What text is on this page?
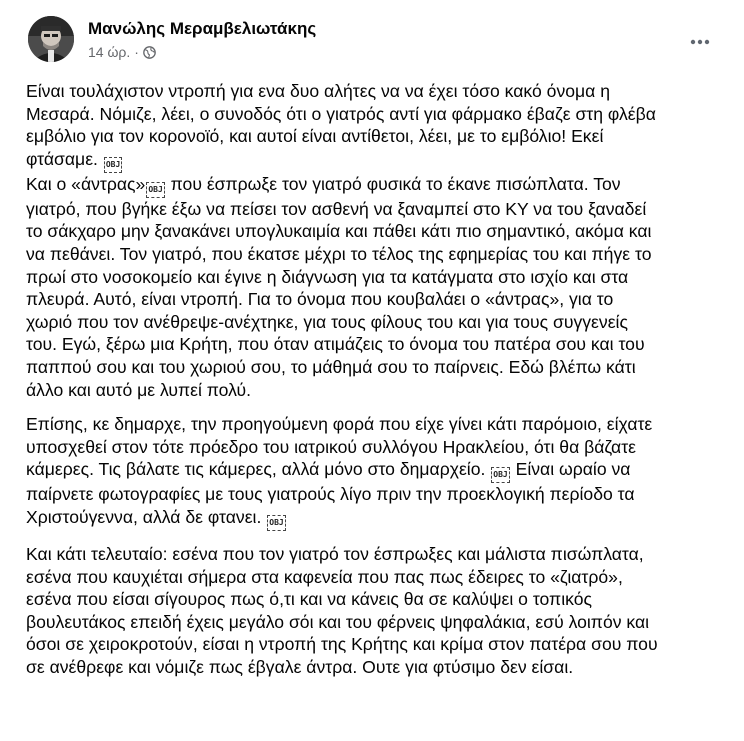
Μανώλης Μεραμβελιωτάκης
14 ώρ. ·
Είναι τουλάχιστον ντροπή για ενα δυο αλήτες να να έχει τόσο κακό όνομα η
Μεσαρά. Νόμιζε, λέει, ο συνοδός ότι ο γιατρός αντί για φάρμακο έβαζε στη φλέβα
εμβόλιο για τον κορονοϊό, και αυτοί είναι αντίθετοι, λέει, με το εμβόλιο! Εκεί
φτάσαμε. OBJ
Και ο «άντρας» OBJ που έσπρωξε τον γιατρό φυσικά το έκανε πισώπλατα. Τον
γιατρό, που βγήκε έξω να πείσει τον ασθενή να ξαναμπεί στο ΚΥ να του ξαναδεί
το σάκχαρο μην ξανακάνει υπογλυκαιμία και πάθει κάτι πιο σημαντικό, ακόμα και
να πεθάνει. Τον γιατρό, που έκατσε μέχρι το τέλος της εφημερίας του και πήγε το
πρωί στο νοσοκομείο και έγινε η διάγνωση για τα κατάγματα στο ισχίο και στα
πλευρά. Αυτό, είναι ντροπή. Για το όνομα που κουβαλάει ο «άντρας», για το
χωριό που τον ανέθρεψε-ανέχτηκε, για τους φίλους του και για τους συγγενείς
του. Εγώ, ξέρω μια Κρήτη, που όταν ατιμάζεις το όνομα του πατέρα σου και του
παππού σου και του χωριού σου, το μάθημά σου το παίρνεις. Εδώ βλέπω κάτι
άλλο και αυτό με λυπεί πολύ.
Επίσης, κε δημαρχε, την προηγούμενη φορά που είχε γίνει κάτι παρόμοιο, είχατε
υποσχεθεί στον τότε πρόεδρο του ιατρικού συλλόγου Ηρακλείου, ότι θα βάζατε
κάμερες. Τις βάλατε τις κάμερες, αλλά μόνο στο δημαρχείο. OBJ Είναι ωραίο να
παίρνετε φωτογραφίες με τους γιατρούς λίγο πριν την προεκλογική περίοδο τα
Χριστούγεννα, αλλά δε φτανει. OBJ
Και κάτι τελευταίο: εσένα που τον γιατρό τον έσπρωξες και μάλιστα πισώπλατα,
εσένα που καυχιέται σήμερα στα καφενεία που πας πως έδειρες το «ζιατρό»,
εσένα που είσαι σίγουρος πως ό,τι και να κάνεις θα σε καλύψει ο τοπικός
βουλευτάκος επειδή έχεις μεγάλο σόι και του φέρνεις ψηφαλάκια, εσύ λοιπόν και
όσοι σε χειροκροτούν, είσαι η ντροπή της Κρήτης και κρίμα στον πατέρα σου που
σε ανέθρεφε και νόμιζε πως έβγαλε άντρα. Ουτε για φτύσιμο δεν είσαι.
